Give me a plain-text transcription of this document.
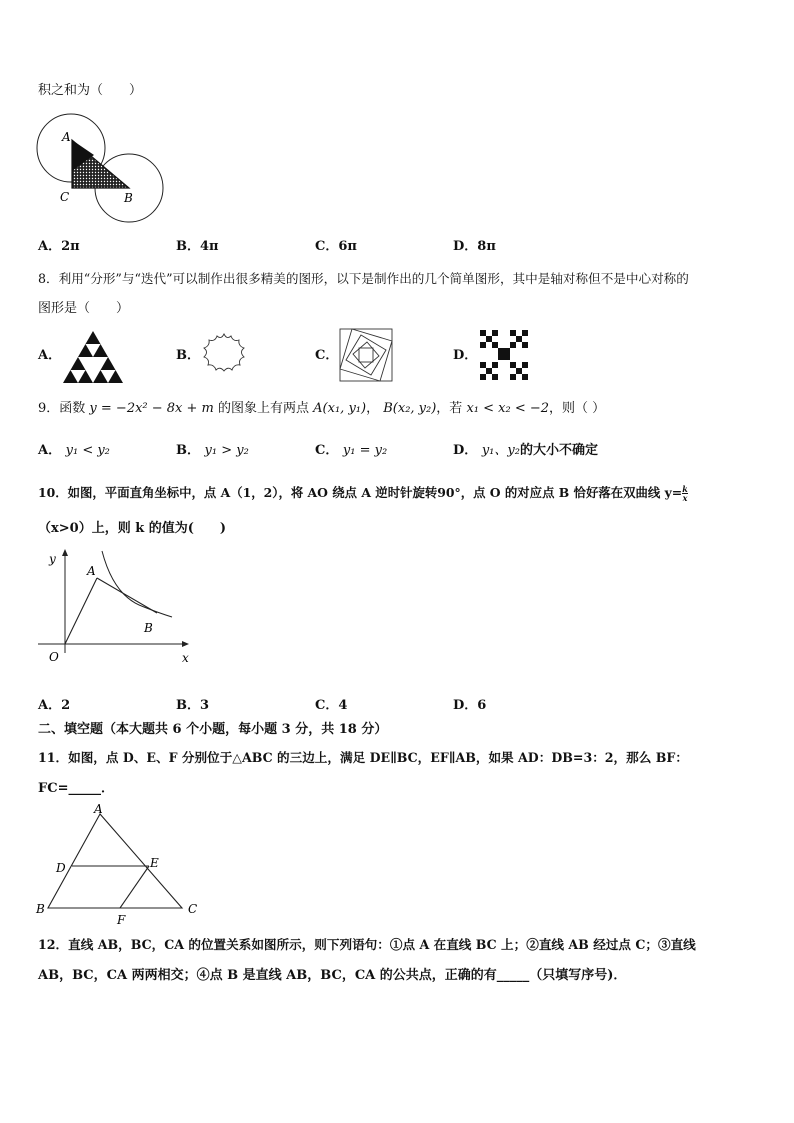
积之和为（　　）
A
C	B
A．2π	B．4π	C．6π	D．8π
8．利用“分形”与“迭代”可以制作出很多精美的图形，以下是制作出的几个简单图形，其中是轴对称但不是中心对称的
图形是（　　）
A．	B．	C．	D．
9．函数 y = −2x² − 8x + m 的图象上有两点 A(x₁, y₁)， B(x₂, y₂)，若 x₁ < x₂ < −2，则（ ）
A． y₁ < y₂	B． y₁ > y₂	C． y₁ = y₂	D． y₁、y₂的大小不确定
10．如图，平面直角坐标中，点 A（1，2），将 AO 绕点 A 逆时针旋转90°，点 O 的对应点 B 恰好落在双曲线 $y= \frac{k}{x}$
（x>0）上，则 k 的值为(　　)
y
A
B
O	x
A．2	B．3	C．4	D．6
二、填空题（本大题共 6 个小题，每小题 3 分，共 18 分）
11．如图，点 D、E、F 分别位于△ABC 的三边上，满足 DE∥BC，EF∥AB，如果 AD：DB=3：2，那么 BF：
FC=_____．
A
D	E
B
F
C
12．直线 AB，BC，CA 的位置关系如图所示，则下列语句：①点 A 在直线 BC 上；②直线 AB 经过点 C；③直线
AB，BC，CA 两两相交；④点 B 是直线 AB，BC，CA 的公共点，正确的有_____（只填写序号)．
